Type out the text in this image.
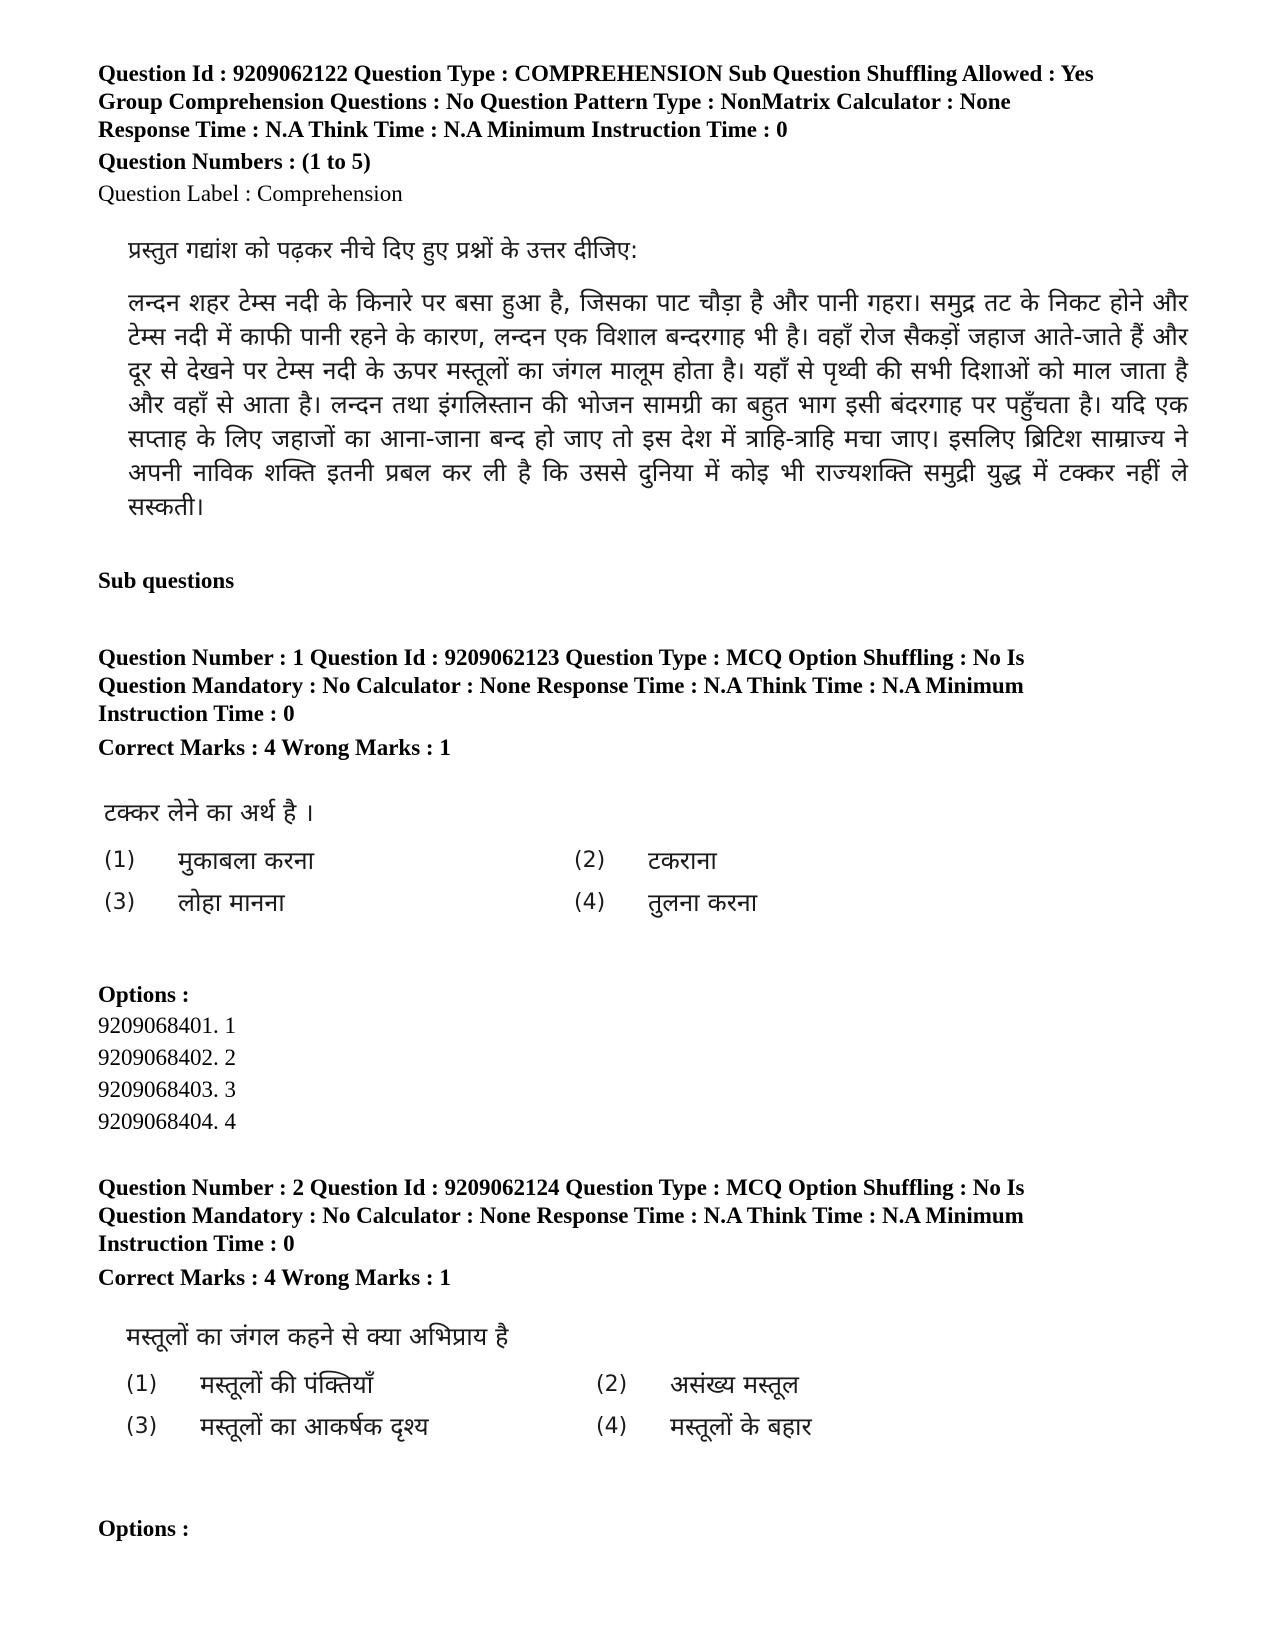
Question Id : 9209062122 Question Type : COMPREHENSION Sub Question Shuffling Allowed : Yes

Group Comprehension Questions : No Question Pattern Type : NonMatrix Calculator : None

Response Time : N.A Think Time : N.A Minimum Instruction Time : 0

Question Numbers : (1 to 5)

Question Label : Comprehension

प्रस्तुत गद्यांश को पढ़कर नीचे दिए हुए प्रश्नों के उत्तर दीजिए:

लन्दन शहर टेम्स नदी के किनारे पर बसा हुआ है, जिसका पाट चौड़ा है और पानी गहरा। समुद्र तट के निकट होने और टेम्स नदी में काफी पानी रहने के कारण, लन्दन एक विशाल बन्दरगाह भी है। वहाँ रोज सैकड़ों जहाज आते-जाते हैं और दूर से देखने पर टेम्स नदी के ऊपर मस्तूलों का जंगल मालूम होता है। यहाँ से पृथ्वी की सभी दिशाओं को माल जाता है और वहाँ से आता है। लन्दन तथा इंगलिस्तान की भोजन सामग्री का बहुत भाग इसी बंदरगाह पर पहुँचता है। यदि एक सप्ताह के लिए जहाजों का आना-जाना बन्द हो जाए तो इस देश में त्राहि-त्राहि मचा जाए। इसलिए ब्रिटिश साम्राज्य ने अपनी नाविक शक्ति इतनी प्रबल कर ली है कि उससे दुनिया में कोइ भी राज्यशक्ति समुद्री युद्ध में टक्कर नहीं ले सस्कती।

Sub questions

Question Number : 1 Question Id : 9209062123 Question Type : MCQ Option Shuffling : No Is

Question Mandatory : No Calculator : None Response Time : N.A Think Time : N.A Minimum

Instruction Time : 0

Correct Marks : 4 Wrong Marks : 1

टक्कर लेने का अर्थ है ।

(1)	मुकाबला करना	(2)	टकराना
(3)	लोहा मानना	(4)	तुलना करना

Options :

9209068401. 1

9209068402. 2

9209068403. 3

9209068404. 4

Question Number : 2 Question Id : 9209062124 Question Type : MCQ Option Shuffling : No Is

Question Mandatory : No Calculator : None Response Time : N.A Think Time : N.A Minimum

Instruction Time : 0

Correct Marks : 4 Wrong Marks : 1

मस्तूलों का जंगल कहने से क्या अभिप्राय है

(1)	मस्तूलों की पंक्तियाँ	(2)	असंख्य मस्तूल
(3)	मस्तूलों का आकर्षक दृश्य	(4)	मस्तूलों के बहार

Options :
